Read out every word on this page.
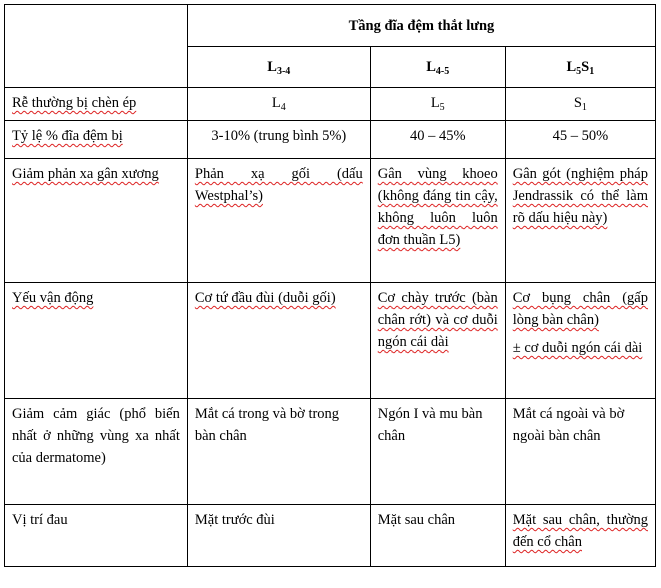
	Tầng đĩa đệm thắt lưng		
	$L_{3-4}$	$L_{4-5}$	$L_5S_1$
Rễ thường bị chèn ép	$L_4$	$L_5$	$S_1$
Tỷ lệ % đĩa đệm bị	3-10% (trung bình 5%)	40 – 45%	45 – 50%
Giảm phản xa gân xương	Phản xạ gối (dấu Westphal’s)	Gân vùng khoeo (không đáng tin cậy, không luôn luôn đơn thuần L5)	Gân gót (nghiệm pháp Jendrassik có thể làm rõ dấu hiệu này)
Yếu vận động	Cơ tứ đầu đùi (duỗi gối)	Cơ chày trước (bàn chân rớt) và cơ duỗi ngón cái dài	Cơ bụng chân (gấp lòng bàn chân)

± cơ duỗi ngón cái dài

Giảm cảm giác (phổ biến nhất ở những vùng xa nhất của dermatome)	Mắt cá trong và bờ trong bàn chân	Ngón I và mu bàn chân	Mắt cá ngoài và bờ ngoài bàn chân
Vị trí đau	Mặt trước đùi	Mặt sau chân	Mặt sau chân, thường đến cổ chân
